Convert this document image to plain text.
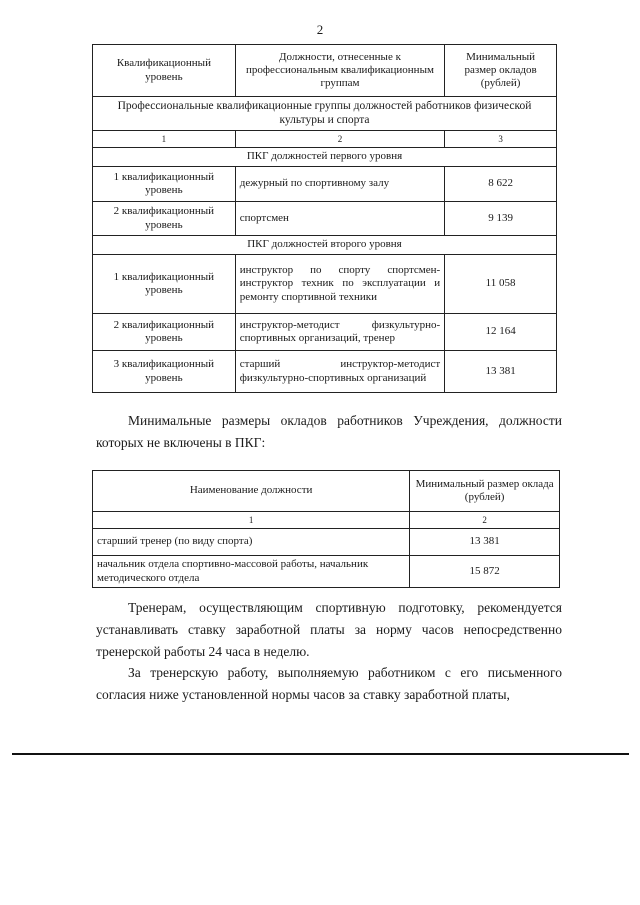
2
Квалификационный уровень	Должности, отнесенные к профессиональным квалификационным группам	Минимальный размер окладов (рублей)
Профессиональные квалификационные группы должностей работников физической культуры и спорта		
1	2	3
ПКГ должностей первого уровня		
1 квалификационный уровень	дежурный по спортивному залу	8 622
2 квалификационный уровень	спортсмен	9 139
ПКГ должностей второго уровня		
1 квалификационный уровень	инструктор по спорту спортсмен-инструктор техник по эксплуатации и ремонту спортивной техники	11 058
2 квалификационный уровень	инструктор-методист физкультурно-спортивных организаций, тренер	12 164
3 квалификационный уровень	старший инструктор-методист физкультурно-спортивных организаций	13 381

Минимальные размеры окладов работников Учреждения, должности которых не включены в ПКГ:

Наименование должности	Минимальный размер оклада (рублей)
1	2
старший тренер (по виду спорта)	13 381
начальник отдела спортивно-массовой работы, начальник методического отдела	15 872

Тренерам, осуществляющим спортивную подготовку, рекомендуется устанавливать ставку заработной платы за норму часов непосредственно тренерской работы 24 часа в неделю.

За тренерскую работу, выполняемую работником с его письменного согласия ниже установленной нормы часов за ставку заработной платы,
